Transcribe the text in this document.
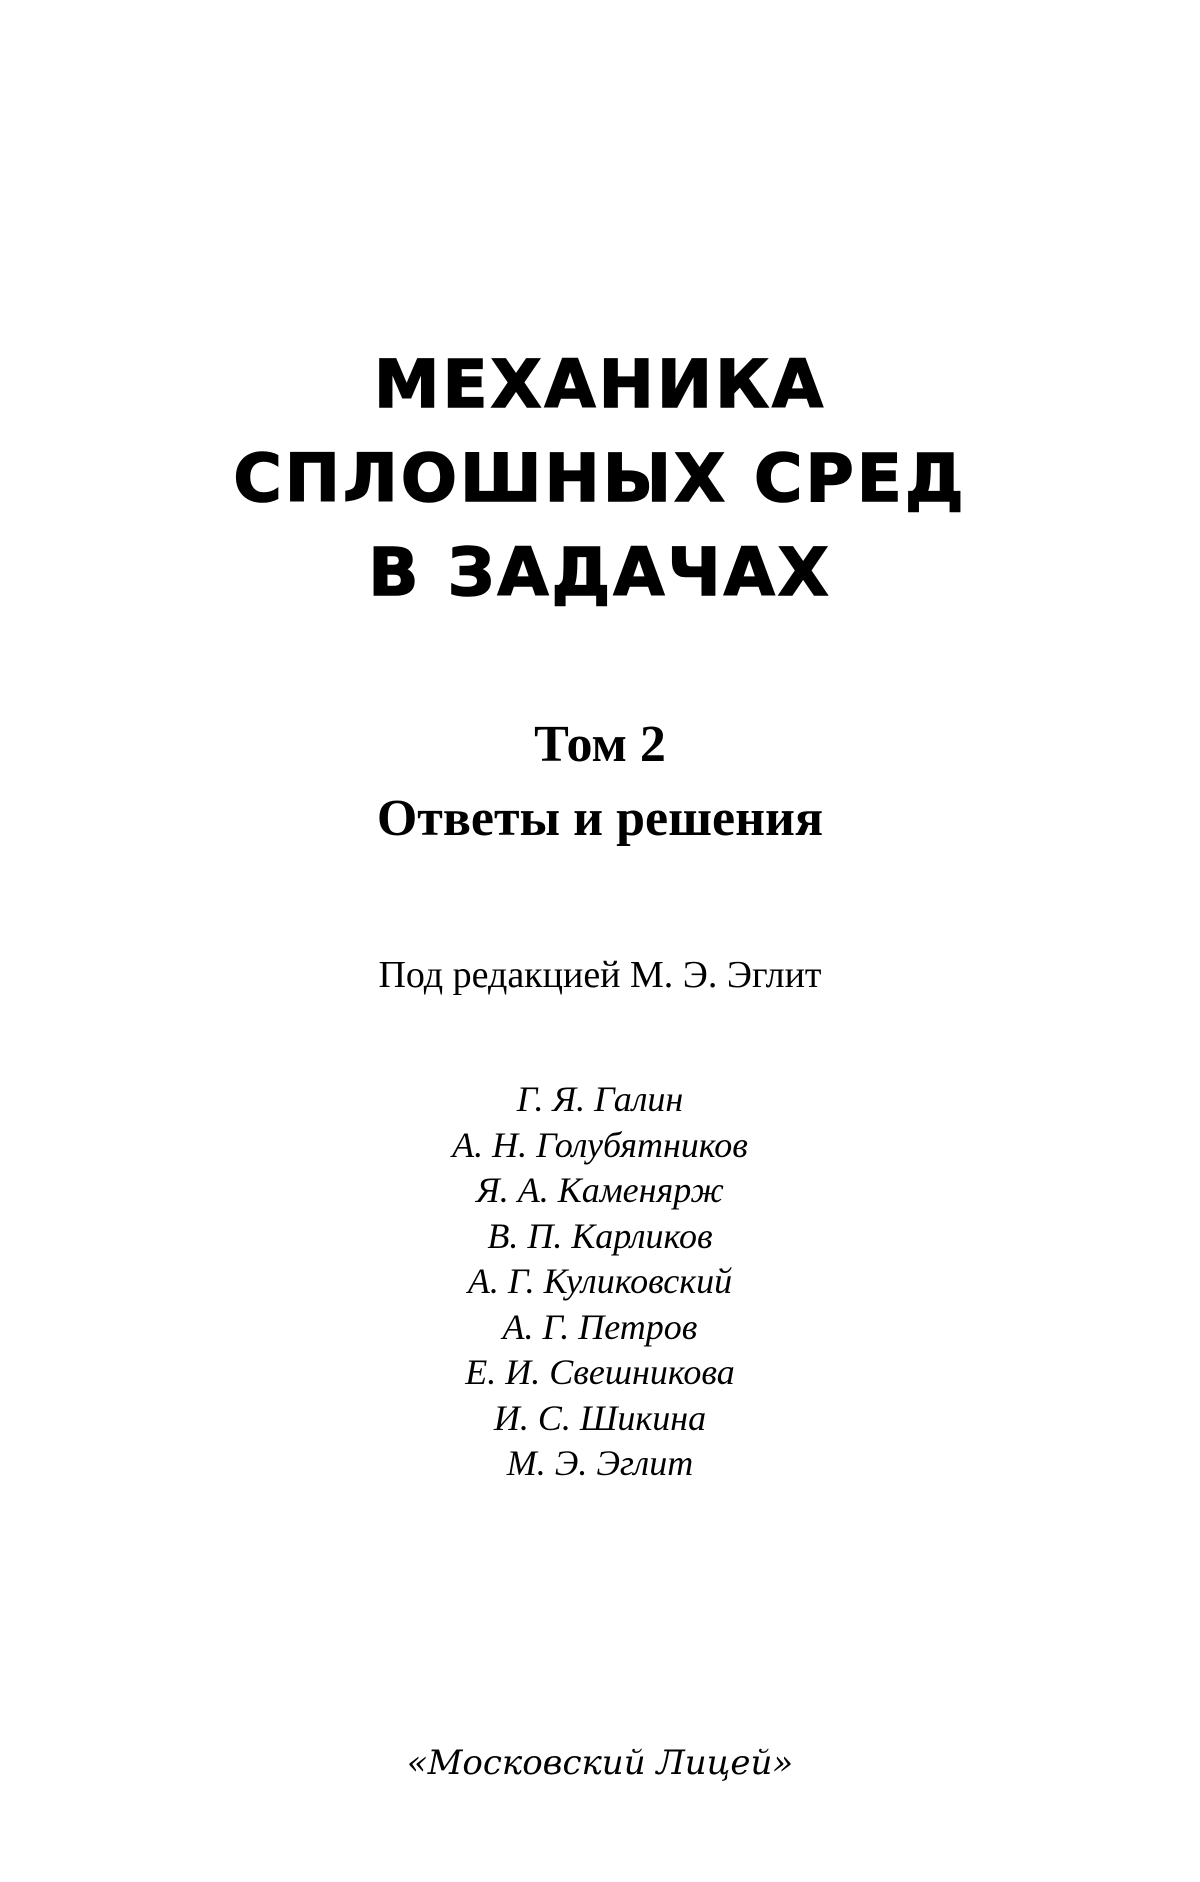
МЕХАНИКА
СПЛОШНЫХ СРЕД
В ЗАДАЧАХ
Том 2
Ответы и решения
Под редакцией М. Э. Эглит
Г. Я. Галин
А. Н. Голубятников
Я. А. Каменярж
В. П. Карликов
А. Г. Куликовский
А. Г. Петров
Е. И. Свешникова
И. С. Шикина
М. Э. Эглит
«Московский Лицей»
